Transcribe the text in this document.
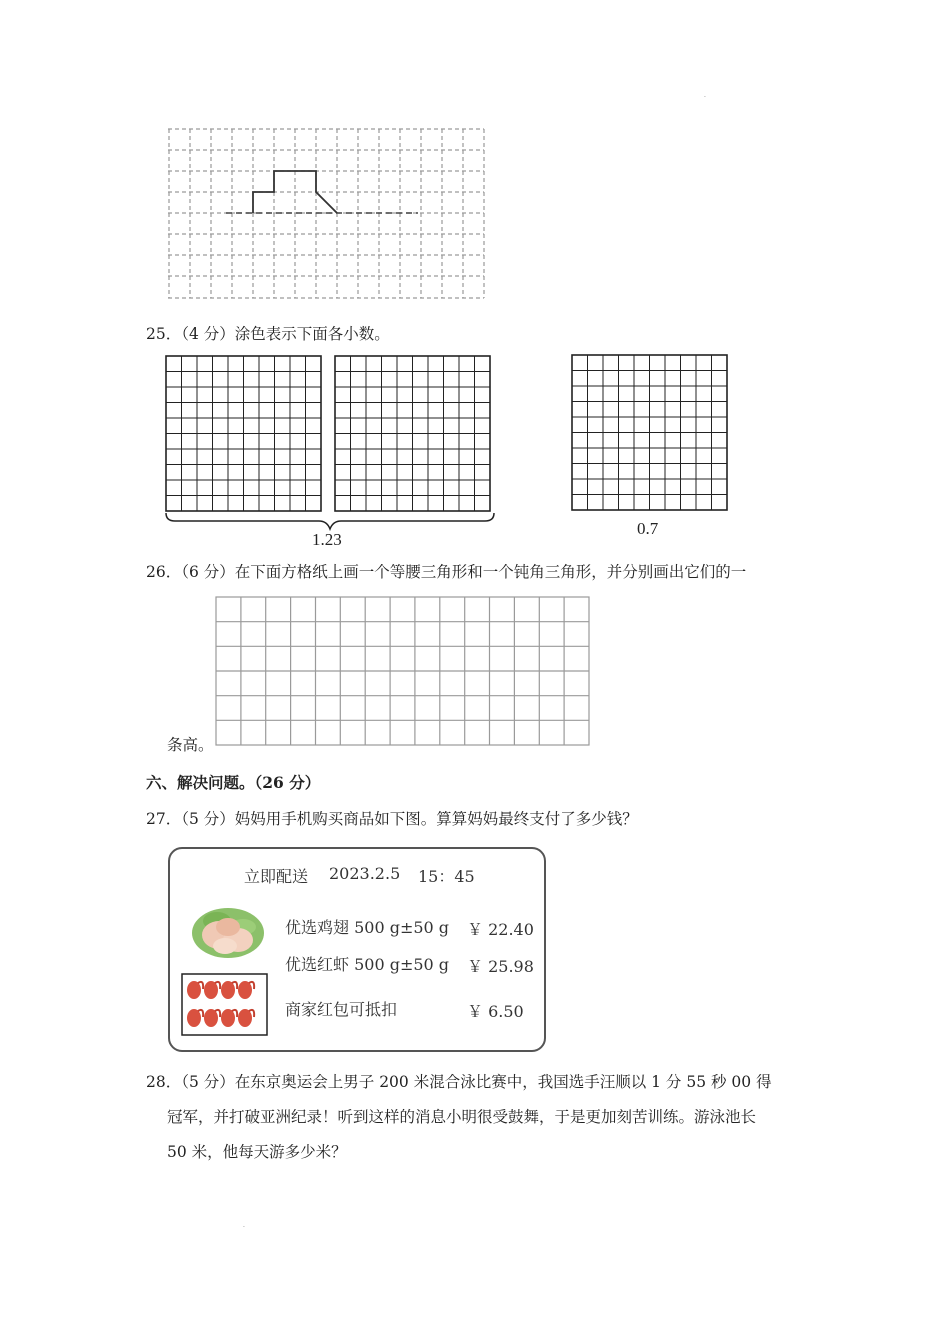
·
25．（4 分）涂色表示下面各小数。
1.23
0.7
26．（6 分）在下面方格纸上画一个等腰三角形和一个钝角三角形，并分别画出它们的一
条高。
六、解决问题。（26 分）
27．（5 分）妈妈用手机购买商品如下图。算算妈妈最终支付了多少钱？
立即配送 2023.2.5 15：45
优选鸡翅 500 g±50 g ￥ 22.40
优选红虾 500 g±50 g ￥ 25.98
商家红包可抵扣	￥ 6.50
28．（5 分）在东京奥运会上男子 200 米混合泳比赛中，我国选手汪顺以 1 分 55 秒 00 得
冠军，并打破亚洲纪录！听到这样的消息小明很受鼓舞，于是更加刻苦训练。游泳池长
50 米，他每天游多少米？
·
